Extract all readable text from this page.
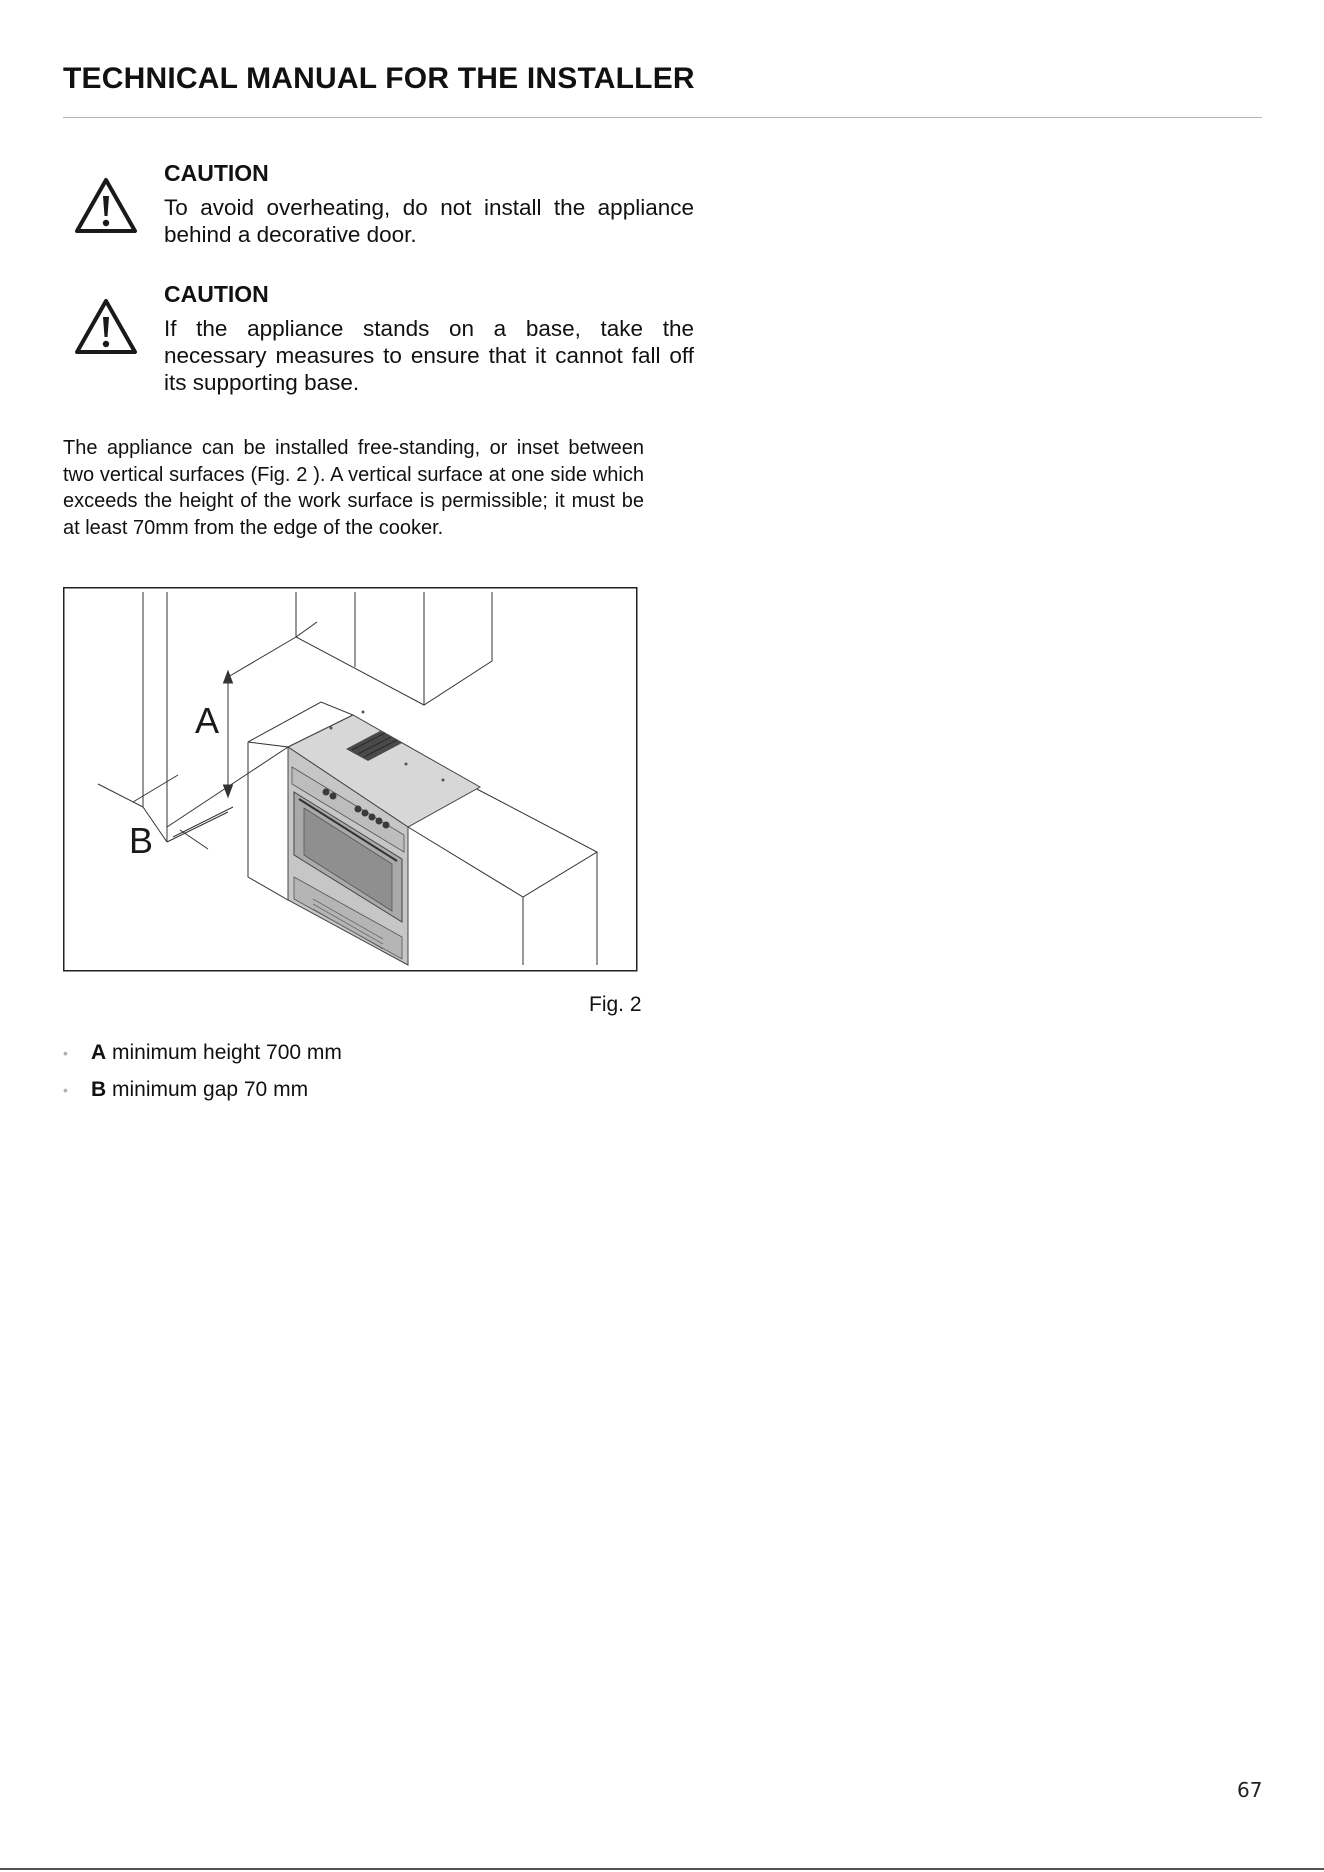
TECHNICAL MANUAL FOR THE INSTALLER
CAUTION
To avoid overheating, do not install the appliance behind a decorative door.
CAUTION
If the appliance stands on a base, take the necessary measures to ensure that it cannot fall off its supporting base.

The appliance can be installed free-standing, or inset between two vertical surfaces (Fig. 2 ). A vertical surface at one side which exceeds the height of the work surface is permissible; it must be at least 70mm from the edge of the cooker.

A
B
Fig. 2
• A minimum height 700 mm
• B minimum gap 70 mm
67
